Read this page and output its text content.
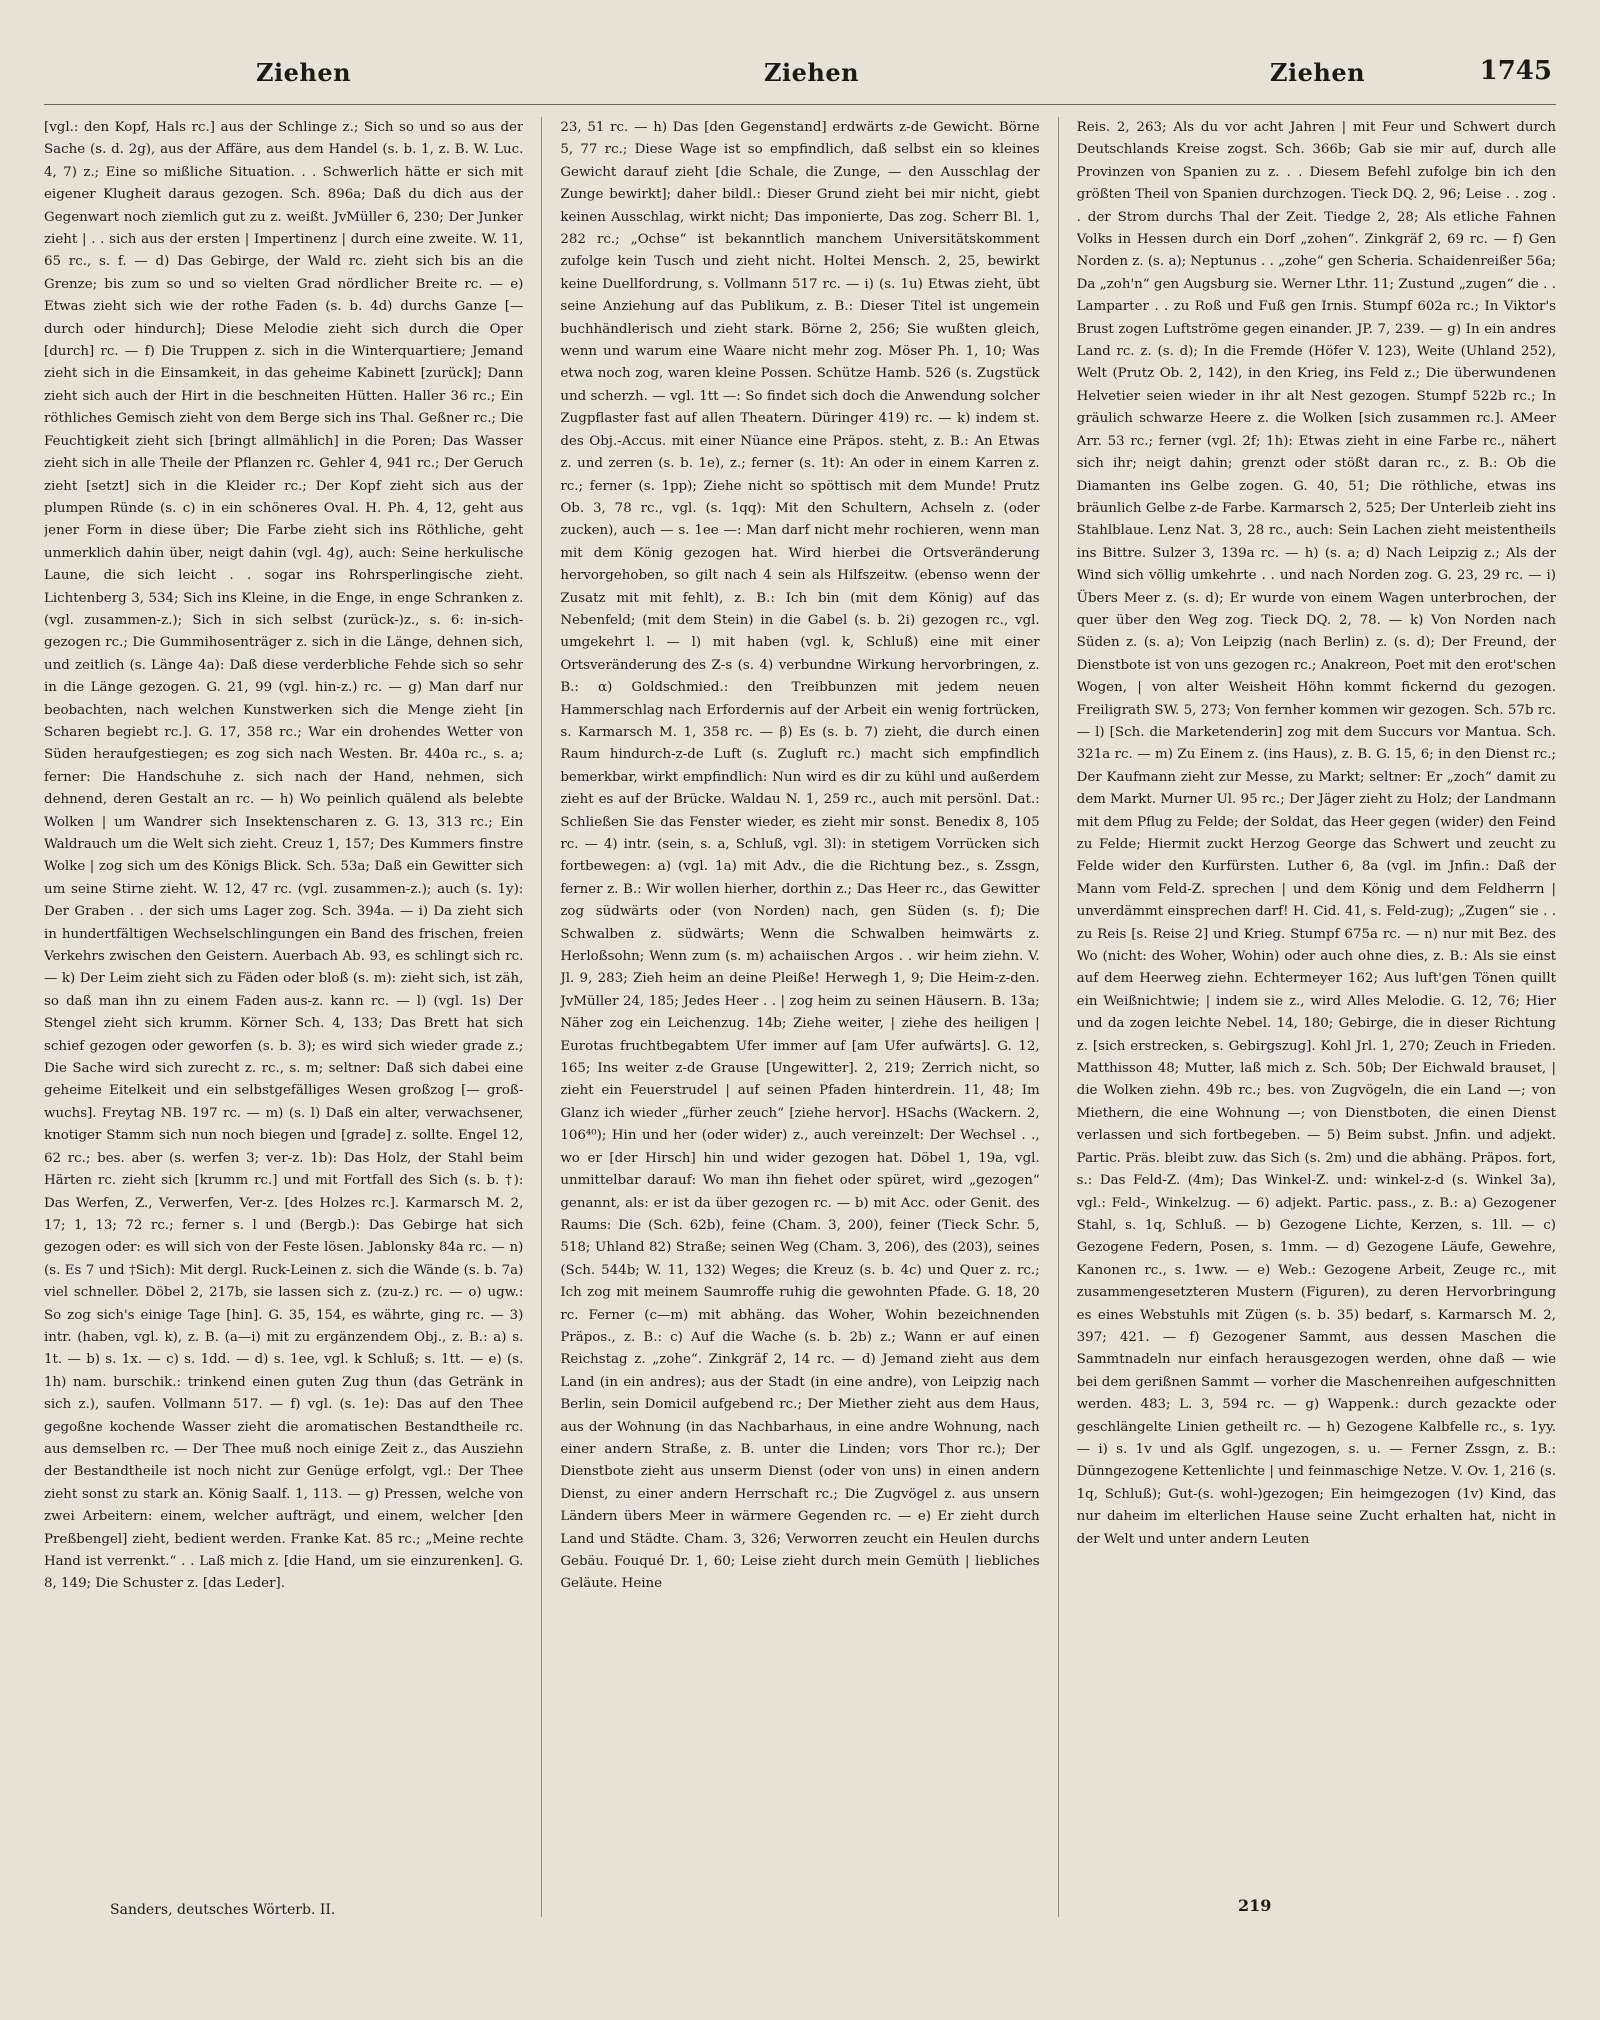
Ziehen	Ziehen	Ziehen	1745

[vgl.: den Kopf, Hals rc.] aus der Schlinge z.; Sich so und so aus der Sache (s. d. 2g), aus der Affäre, aus dem Handel (s. b. 1, z. B. W. Luc. 4, 7) z.; Eine so mißliche Situation. . . Schwerlich hätte er sich mit eigener Klugheit daraus gezogen. Sch. 896a; Daß du dich aus der Gegenwart noch ziemlich gut zu z. weißt. JvMüller 6, 230; Der Junker zieht | . . sich aus der ersten | Impertinenz | durch eine zweite. W. 11, 65 rc., s. f. — d) Das Gebirge, der Wald rc. zieht sich bis an die Grenze; bis zum so und so vielten Grad nördlicher Breite rc. — e) Etwas zieht sich wie der rothe Faden (s. b. 4d) durchs Ganze [— durch oder hindurch]; Diese Melodie zieht sich durch die Oper [durch] rc. — f) Die Truppen z. sich in die Winterquartiere; Jemand zieht sich in die Einsamkeit, in das geheime Kabinett [zurück]; Dann zieht sich auch der Hirt in die beschneiten Hütten. Haller 36 rc.; Ein röthliches Gemisch zieht von dem Berge sich ins Thal. Geßner rc.; Die Feuchtigkeit zieht sich [bringt allmählich] in die Poren; Das Wasser zieht sich in alle Theile der Pflanzen rc. Gehler 4, 941 rc.; Der Geruch zieht [setzt] sich in die Kleider rc.; Der Kopf zieht sich aus der plumpen Ründe (s. c) in ein schöneres Oval. H. Ph. 4, 12, geht aus jener Form in diese über; Die Farbe zieht sich ins Röthliche, geht unmerklich dahin über, neigt dahin (vgl. 4g), auch: Seine herkulische Laune, die sich leicht . . sogar ins Rohrsperlingische zieht. Lichtenberg 3, 534; Sich ins Kleine, in die Enge, in enge Schranken z. (vgl. zusammen-z.); Sich in sich selbst (zurück-)z., s. 6: in-sich-gezogen rc.; Die Gummihosenträger z. sich in die Länge, dehnen sich, und zeitlich (s. Länge 4a): Daß diese verderbliche Fehde sich so sehr in die Länge gezogen. G. 21, 99 (vgl. hin-z.) rc. — g) Man darf nur beobachten, nach welchen Kunstwerken sich die Menge zieht [in Scharen begiebt rc.]. G. 17, 358 rc.; War ein drohendes Wetter von Süden heraufgestiegen; es zog sich nach Westen. Br. 440a rc., s. a; ferner: Die Handschuhe z. sich nach der Hand, nehmen, sich dehnend, deren Gestalt an rc. — h) Wo peinlich quälend als belebte Wolken | um Wandrer sich Insektenscharen z. G. 13, 313 rc.; Ein Waldrauch um die Welt sich zieht. Creuz 1, 157; Des Kummers finstre Wolke | zog sich um des Königs Blick. Sch. 53a; Daß ein Gewitter sich um seine Stirne zieht. W. 12, 47 rc. (vgl. zusammen-z.); auch (s. 1y): Der Graben . . der sich ums Lager zog. Sch. 394a. — i) Da zieht sich in hundertfältigen Wechselschlingungen ein Band des frischen, freien Verkehrs zwischen den Geistern. Auerbach Ab. 93, es schlingt sich rc. — k) Der Leim zieht sich zu Fäden oder bloß (s. m): zieht sich, ist zäh, so daß man ihn zu einem Faden aus-z. kann rc. — l) (vgl. 1s) Der Stengel zieht sich krumm. Körner Sch. 4, 133; Das Brett hat sich schief gezogen oder geworfen (s. b. 3); es wird sich wieder grade z.; Die Sache wird sich zurecht z. rc., s. m; seltner: Daß sich dabei eine geheime Eitelkeit und ein selbstgefälliges Wesen großzog [— groß-wuchs]. Freytag NB. 197 rc. — m) (s. l) Daß ein alter, verwachsener, knotiger Stamm sich nun noch biegen und [grade] z. sollte. Engel 12, 62 rc.; bes. aber (s. werfen 3; ver-z. 1b): Das Holz, der Stahl beim Härten rc. zieht sich [krumm rc.] und mit Fortfall des Sich (s. b. †): Das Werfen, Z., Verwerfen, Ver-z. [des Holzes rc.]. Karmarsch M. 2, 17; 1, 13; 72 rc.; ferner s. l und (Bergb.): Das Gebirge hat sich gezogen oder: es will sich von der Feste lösen. Jablonsky 84a rc. — n) (s. Es 7 und †Sich): Mit dergl. Ruck-Leinen z. sich die Wände (s. b. 7a) viel schneller. Döbel 2, 217b, sie lassen sich z. (zu-z.) rc. — o) ugw.: So zog sich's einige Tage [hin]. G. 35, 154, es währte, ging rc. — 3) intr. (haben, vgl. k), z. B. (a—i) mit zu ergänzendem Obj., z. B.: a) s. 1t. — b) s. 1x. — c) s. 1dd. — d) s. 1ee, vgl. k Schluß; s. 1tt. — e) (s. 1h) nam. burschik.: trinkend einen guten Zug thun (das Getränk in sich z.), saufen. Vollmann 517. — f) vgl. (s. 1e): Das auf den Thee gegoßne kochende Wasser zieht die aromatischen Bestandtheile rc. aus demselben rc. — Der Thee muß noch einige Zeit z., das Ausziehn der Bestandtheile ist noch nicht zur Genüge erfolgt, vgl.: Der Thee zieht sonst zu stark an. König Saalf. 1, 113. — g) Pressen, welche von zwei Arbeitern: einem, welcher aufträgt, und einem, welcher [den Preßbengel] zieht, bedient werden. Franke Kat. 85 rc.; „Meine rechte Hand ist verrenkt.“ . . Laß mich z. [die Hand, um sie einzurenken]. G. 8, 149; Die Schuster z. [das Leder].

23, 51 rc. — h) Das [den Gegenstand] erdwärts z-de Gewicht. Börne 5, 77 rc.; Diese Wage ist so empfindlich, daß selbst ein so kleines Gewicht darauf zieht [die Schale, die Zunge, — den Ausschlag der Zunge bewirkt]; daher bildl.: Dieser Grund zieht bei mir nicht, giebt keinen Ausschlag, wirkt nicht; Das imponierte, Das zog. Scherr Bl. 1, 282 rc.; „Ochse“ ist bekanntlich manchem Universitätskomment zufolge kein Tusch und zieht nicht. Holtei Mensch. 2, 25, bewirkt keine Duellfordrung, s. Vollmann 517 rc. — i) (s. 1u) Etwas zieht, übt seine Anziehung auf das Publikum, z. B.: Dieser Titel ist ungemein buchhändlerisch und zieht stark. Börne 2, 256; Sie wußten gleich, wenn und warum eine Waare nicht mehr zog. Möser Ph. 1, 10; Was etwa noch zog, waren kleine Possen. Schütze Hamb. 526 (s. Zugstück und scherzh. — vgl. 1tt —: So findet sich doch die Anwendung solcher Zugpflaster fast auf allen Theatern. Düringer 419) rc. — k) indem st. des Obj.-Accus. mit einer Nüance eine Präpos. steht, z. B.: An Etwas z. und zerren (s. b. 1e), z.; ferner (s. 1t): An oder in einem Karren z. rc.; ferner (s. 1pp); Ziehe nicht so spöttisch mit dem Munde! Prutz Ob. 3, 78 rc., vgl. (s. 1qq): Mit den Schultern, Achseln z. (oder zucken), auch — s. 1ee —: Man darf nicht mehr rochieren, wenn man mit dem König gezogen hat. Wird hierbei die Ortsveränderung hervorgehoben, so gilt nach 4 sein als Hilfszeitw. (ebenso wenn der Zusatz mit mit fehlt), z. B.: Ich bin (mit dem König) auf das Nebenfeld; (mit dem Stein) in die Gabel (s. b. 2i) gezogen rc., vgl. umgekehrt l. — l) mit haben (vgl. k, Schluß) eine mit einer Ortsveränderung des Z-s (s. 4) verbundne Wirkung hervorbringen, z. B.: α) Goldschmied.: den Treibbunzen mit jedem neuen Hammerschlag nach Erfordernis auf der Arbeit ein wenig fortrücken, s. Karmarsch M. 1, 358 rc. — β) Es (s. b. 7) zieht, die durch einen Raum hindurch-z-de Luft (s. Zugluft rc.) macht sich empfindlich bemerkbar, wirkt empfindlich: Nun wird es dir zu kühl und außerdem zieht es auf der Brücke. Waldau N. 1, 259 rc., auch mit persönl. Dat.: Schließen Sie das Fenster wieder, es zieht mir sonst. Benedix 8, 105 rc. — 4) intr. (sein, s. a, Schluß, vgl. 3l): in stetigem Vorrücken sich fortbewegen: a) (vgl. 1a) mit Adv., die die Richtung bez., s. Zssgn, ferner z. B.: Wir wollen hierher, dorthin z.; Das Heer rc., das Gewitter zog südwärts oder (von Norden) nach, gen Süden (s. f); Die Schwalben z. südwärts; Wenn die Schwalben heimwärts z. Herloßsohn; Wenn zum (s. m) achaiischen Argos . . wir heim ziehn. V. Jl. 9, 283; Zieh heim an deine Pleiße! Herwegh 1, 9; Die Heim-z-den. JvMüller 24, 185; Jedes Heer . . | zog heim zu seinen Häusern. B. 13a; Näher zog ein Leichenzug. 14b; Ziehe weiter, | ziehe des heiligen | Eurotas fruchtbegabtem Ufer immer auf [am Ufer aufwärts]. G. 12, 165; Ins weiter z-de Grause [Ungewitter]. 2, 219; Zerrich nicht, so zieht ein Feuerstrudel | auf seinen Pfaden hinterdrein. 11, 48; Im Glanz ich wieder „fürher zeuch“ [ziehe hervor]. HSachs (Wackern. 2, 106⁴⁰); Hin und her (oder wider) z., auch vereinzelt: Der Wechsel . ., wo er [der Hirsch] hin und wider gezogen hat. Döbel 1, 19a, vgl. unmittelbar darauf: Wo man ihn fiehet oder spüret, wird „gezogen“ genannt, als: er ist da über gezogen rc. — b) mit Acc. oder Genit. des Raums: Die (Sch. 62b), feine (Cham. 3, 200), feiner (Tieck Schr. 5, 518; Uhland 82) Straße; seinen Weg (Cham. 3, 206), des (203), seines (Sch. 544b; W. 11, 132) Weges; die Kreuz (s. b. 4c) und Quer z. rc.; Ich zog mit meinem Saumroffe ruhig die gewohnten Pfade. G. 18, 20 rc. Ferner (c—m) mit abhäng. das Woher, Wohin bezeichnenden Präpos., z. B.: c) Auf die Wache (s. b. 2b) z.; Wann er auf einen Reichstag z. „zohe“. Zinkgräf 2, 14 rc. — d) Jemand zieht aus dem Land (in ein andres); aus der Stadt (in eine andre), von Leipzig nach Berlin, sein Domicil aufgebend rc.; Der Miether zieht aus dem Haus, aus der Wohnung (in das Nachbarhaus, in eine andre Wohnung, nach einer andern Straße, z. B. unter die Linden; vors Thor rc.); Der Dienstbote zieht aus unserm Dienst (oder von uns) in einen andern Dienst, zu einer andern Herrschaft rc.; Die Zugvögel z. aus unsern Ländern übers Meer in wärmere Gegenden rc. — e) Er zieht durch Land und Städte. Cham. 3, 326; Verworren zeucht ein Heulen durchs Gebäu. Fouqué Dr. 1, 60; Leise zieht durch mein Gemüth | liebliches Geläute. Heine

Reis. 2, 263; Als du vor acht Jahren | mit Feur und Schwert durch Deutschlands Kreise zogst. Sch. 366b; Gab sie mir auf, durch alle Provinzen von Spanien zu z. . . Diesem Befehl zufolge bin ich den größten Theil von Spanien durchzogen. Tieck DQ. 2, 96; Leise . . zog . . der Strom durchs Thal der Zeit. Tiedge 2, 28; Als etliche Fahnen Volks in Hessen durch ein Dorf „zohen“. Zinkgräf 2, 69 rc. — f) Gen Norden z. (s. a); Neptunus . . „zohe“ gen Scheria. Schaidenreißer 56a; Da „zoh'n“ gen Augsburg sie. Werner Lthr. 11; Zustund „zugen“ die . . Lamparter . . zu Roß und Fuß gen Irnis. Stumpf 602a rc.; In Viktor's Brust zogen Luftströme gegen einander. JP. 7, 239. — g) In ein andres Land rc. z. (s. d); In die Fremde (Höfer V. 123), Weite (Uhland 252), Welt (Prutz Ob. 2, 142), in den Krieg, ins Feld z.; Die überwundenen Helvetier seien wieder in ihr alt Nest gezogen. Stumpf 522b rc.; In gräulich schwarze Heere z. die Wolken [sich zusammen rc.]. AMeer Arr. 53 rc.; ferner (vgl. 2f; 1h): Etwas zieht in eine Farbe rc., nähert sich ihr; neigt dahin; grenzt oder stößt daran rc., z. B.: Ob die Diamanten ins Gelbe zogen. G. 40, 51; Die röthliche, etwas ins bräunlich Gelbe z-de Farbe. Karmarsch 2, 525; Der Unterleib zieht ins Stahlblaue. Lenz Nat. 3, 28 rc., auch: Sein Lachen zieht meistentheils ins Bittre. Sulzer 3, 139a rc. — h) (s. a; d) Nach Leipzig z.; Als der Wind sich völlig umkehrte . . und nach Norden zog. G. 23, 29 rc. — i) Übers Meer z. (s. d); Er wurde von einem Wagen unterbrochen, der quer über den Weg zog. Tieck DQ. 2, 78. — k) Von Norden nach Süden z. (s. a); Von Leipzig (nach Berlin) z. (s. d); Der Freund, der Dienstbote ist von uns gezogen rc.; Anakreon, Poet mit den erot'schen Wogen, | von alter Weisheit Höhn kommt fickernd du gezogen. Freiligrath SW. 5, 273; Von fernher kommen wir gezogen. Sch. 57b rc. — l) [Sch. die Marketenderin] zog mit dem Succurs vor Mantua. Sch. 321a rc. — m) Zu Einem z. (ins Haus), z. B. G. 15, 6; in den Dienst rc.; Der Kaufmann zieht zur Messe, zu Markt; seltner: Er „zoch“ damit zu dem Markt. Murner Ul. 95 rc.; Der Jäger zieht zu Holz; der Landmann mit dem Pflug zu Felde; der Soldat, das Heer gegen (wider) den Feind zu Felde; Hiermit zuckt Herzog George das Schwert und zeucht zu Felde wider den Kurfürsten. Luther 6, 8a (vgl. im Jnfin.: Daß der Mann vom Feld-Z. sprechen | und dem König und dem Feldherrn | unverdämmt einsprechen darf! H. Cid. 41, s. Feld-zug); „Zugen“ sie . . zu Reis [s. Reise 2] und Krieg. Stumpf 675a rc. — n) nur mit Bez. des Wo (nicht: des Woher, Wohin) oder auch ohne dies, z. B.: Als sie einst auf dem Heerweg ziehn. Echtermeyer 162; Aus luft'gen Tönen quillt ein Weißnichtwie; | indem sie z., wird Alles Melodie. G. 12, 76; Hier und da zogen leichte Nebel. 14, 180; Gebirge, die in dieser Richtung z. [sich erstrecken, s. Gebirgszug]. Kohl Jrl. 1, 270; Zeuch in Frieden. Matthisson 48; Mutter, laß mich z. Sch. 50b; Der Eichwald brauset, | die Wolken ziehn. 49b rc.; bes. von Zugvögeln, die ein Land —; von Miethern, die eine Wohnung —; von Dienstboten, die einen Dienst verlassen und sich fortbegeben. — 5) Beim subst. Jnfin. und adjekt. Partic. Präs. bleibt zuw. das Sich (s. 2m) und die abhäng. Präpos. fort, s.: Das Feld-Z. (4m); Das Winkel-Z. und: winkel-z-d (s. Winkel 3a), vgl.: Feld-, Winkelzug. — 6) adjekt. Partic. pass., z. B.: a) Gezogener Stahl, s. 1q, Schluß. — b) Gezogene Lichte, Kerzen, s. 1ll. — c) Gezogene Federn, Posen, s. 1mm. — d) Gezogene Läufe, Gewehre, Kanonen rc., s. 1ww. — e) Web.: Gezogene Arbeit, Zeuge rc., mit zusammengesetzteren Mustern (Figuren), zu deren Hervorbringung es eines Webstuhls mit Zügen (s. b. 35) bedarf, s. Karmarsch M. 2, 397; 421. — f) Gezogener Sammt, aus dessen Maschen die Sammtnadeln nur einfach herausgezogen werden, ohne daß — wie bei dem gerißnen Sammt — vorher die Maschenreihen aufgeschnitten werden. 483; L. 3, 594 rc. — g) Wappenk.: durch gezackte oder geschlängelte Linien getheilt rc. — h) Gezogene Kalbfelle rc., s. 1yy. — i) s. 1v und als Gglf. ungezogen, s. u. — Ferner Zssgn, z. B.: Dünngezogene Kettenlichte | und feinmaschige Netze. V. Ov. 1, 216 (s. 1q, Schluß); Gut-(s. wohl-)gezogen; Ein heimgezogen (1v) Kind, das nur daheim im elterlichen Hause seine Zucht erhalten hat, nicht in der Welt und unter andern Leuten

Sanders, deutsches Wörterb. II.	219
